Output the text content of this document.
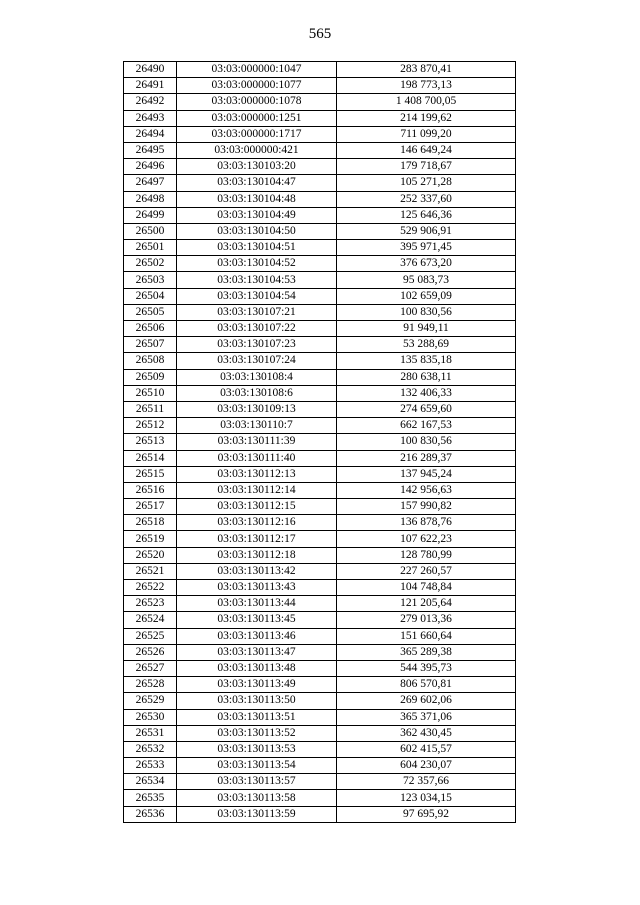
565
26490	03:03:000000:1047	283 870,41
26491	03:03:000000:1077	198 773,13
26492	03:03:000000:1078	1 408 700,05
26493	03:03:000000:1251	214 199,62
26494	03:03:000000:1717	711 099,20
26495	03:03:000000:421	146 649,24
26496	03:03:130103:20	179 718,67
26497	03:03:130104:47	105 271,28
26498	03:03:130104:48	252 337,60
26499	03:03:130104:49	125 646,36
26500	03:03:130104:50	529 906,91
26501	03:03:130104:51	395 971,45
26502	03:03:130104:52	376 673,20
26503	03:03:130104:53	95 083,73
26504	03:03:130104:54	102 659,09
26505	03:03:130107:21	100 830,56
26506	03:03:130107:22	91 949,11
26507	03:03:130107:23	53 288,69
26508	03:03:130107:24	135 835,18
26509	03:03:130108:4	280 638,11
26510	03:03:130108:6	132 406,33
26511	03:03:130109:13	274 659,60
26512	03:03:130110:7	662 167,53
26513	03:03:130111:39	100 830,56
26514	03:03:130111:40	216 289,37
26515	03:03:130112:13	137 945,24
26516	03:03:130112:14	142 956,63
26517	03:03:130112:15	157 990,82
26518	03:03:130112:16	136 878,76
26519	03:03:130112:17	107 622,23
26520	03:03:130112:18	128 780,99
26521	03:03:130113:42	227 260,57
26522	03:03:130113:43	104 748,84
26523	03:03:130113:44	121 205,64
26524	03:03:130113:45	279 013,36
26525	03:03:130113:46	151 660,64
26526	03:03:130113:47	365 289,38
26527	03:03:130113:48	544 395,73
26528	03:03:130113:49	806 570,81
26529	03:03:130113:50	269 602,06
26530	03:03:130113:51	365 371,06
26531	03:03:130113:52	362 430,45
26532	03:03:130113:53	602 415,57
26533	03:03:130113:54	604 230,07
26534	03:03:130113:57	72 357,66
26535	03:03:130113:58	123 034,15
26536	03:03:130113:59	97 695,92
